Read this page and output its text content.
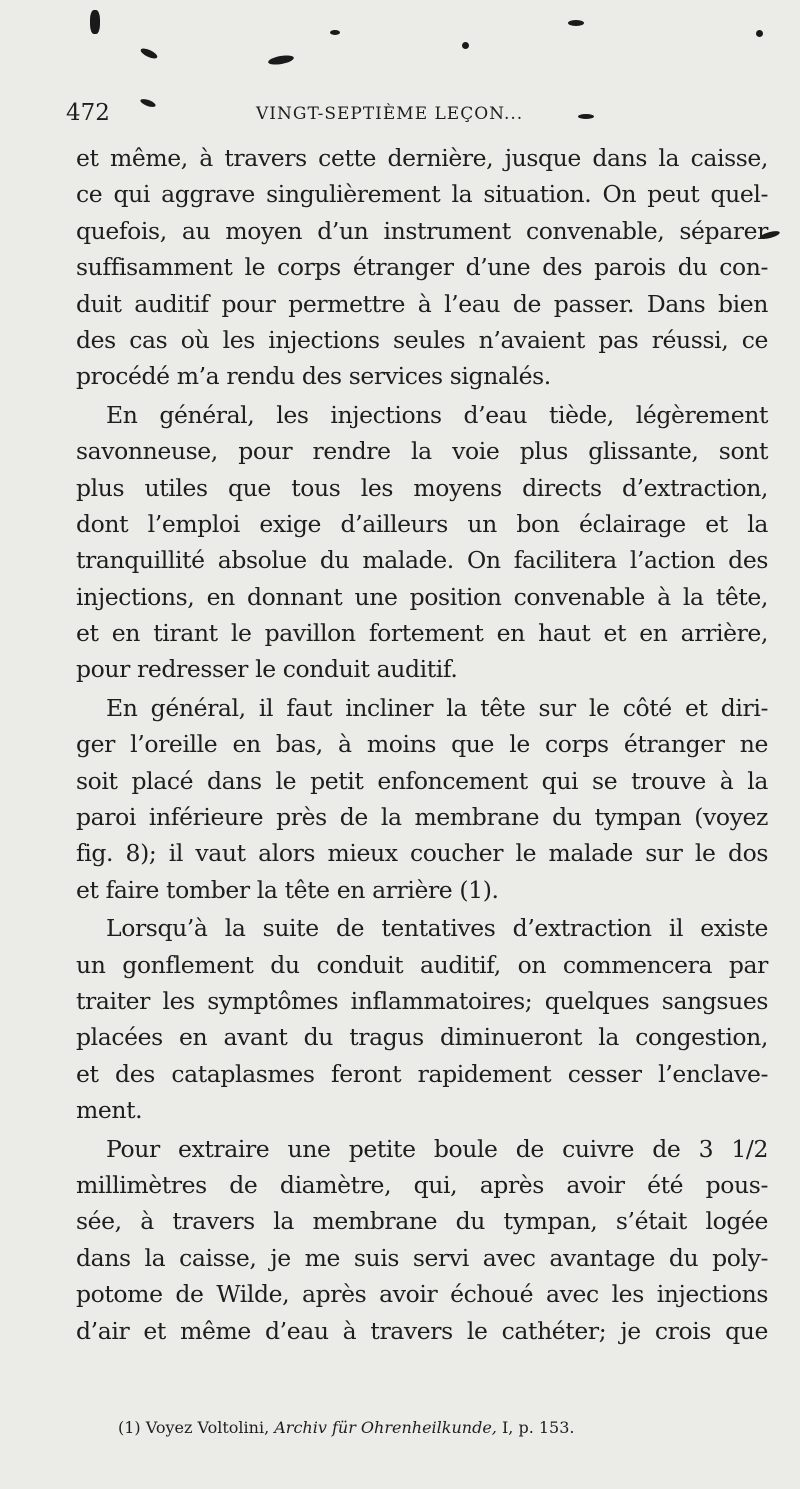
472	VINGT-SEPTIÈME LEÇON...
et même, à travers cette dernière, jusque dans la caisse,
ce qui aggrave singulièrement la situation. On peut quel-
quefois, au moyen d’un instrument convenable, séparer
suffisamment le corps étranger d’une des parois du con-
duit auditif pour permettre à l’eau de passer. Dans bien
des cas où les injections seules n’avaient pas réussi, ce
procédé m’a rendu des services signalés.
En général, les injections d’eau tiède, légèrement
savonneuse, pour rendre la voie plus glissante, sont
plus utiles que tous les moyens directs d’extraction,
dont l’emploi exige d’ailleurs un bon éclairage et la
tranquillité absolue du malade. On facilitera l’action des
injections, en donnant une position convenable à la tête,
et en tirant le pavillon fortement en haut et en arrière,
pour redresser le conduit auditif.
En général, il faut incliner la tête sur le côté et diri-
ger l’oreille en bas, à moins que le corps étranger ne
soit placé dans le petit enfoncement qui se trouve à la
paroi inférieure près de la membrane du tympan (voyez
fig. 8); il vaut alors mieux coucher le malade sur le dos
et faire tomber la tête en arrière (1).
Lorsqu’à la suite de tentatives d’extraction il existe
un gonflement du conduit auditif, on commencera par
traiter les symptômes inflammatoires; quelques sangsues
placées en avant du tragus diminueront la congestion,
et des cataplasmes feront rapidement cesser l’enclave-
ment.
Pour extraire une petite boule de cuivre de 3 1/2
millimètres de diamètre, qui, après avoir été pous-
sée, à travers la membrane du tympan, s’était logée
dans la caisse, je me suis servi avec avantage du poly-
potome de Wilde, après avoir échoué avec les injections
d’air et même d’eau à travers le cathéter; je crois que
(1) Voyez Voltolini, Archiv für Ohrenheilkunde, I, p. 153.
